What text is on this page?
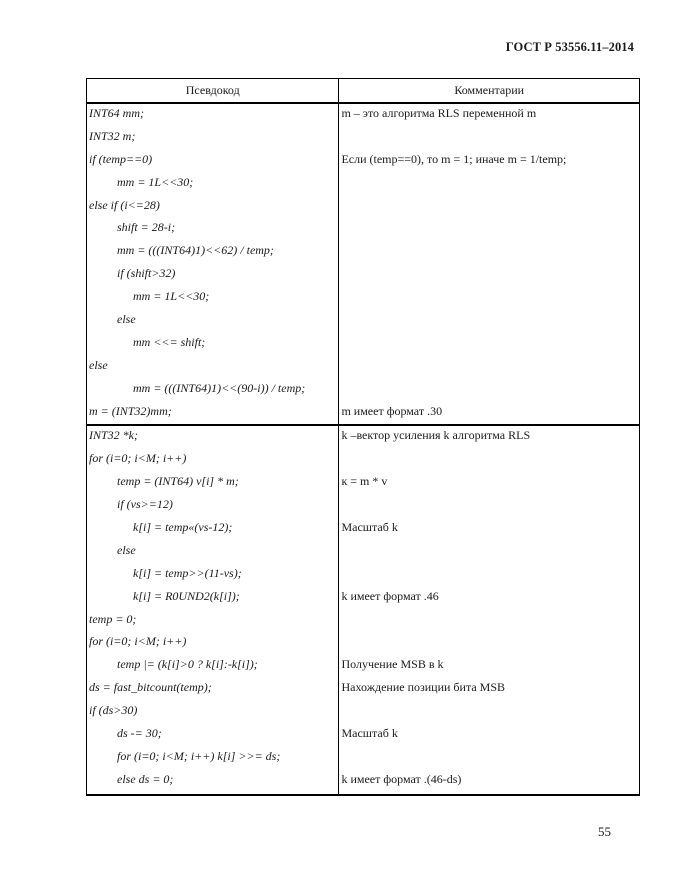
ГОСТ Р 53556.11–2014
Псевдокод	Комментарии
INT64 mm;	m – это алгоритма RLS переменной m
INT32 m;	
if (temp==0)	Если (temp==0), то m = 1; иначе m = 1/temp;
mm = 1L<<30;	
else if (i<=28)	
shift = 28-i;	
mm = (((INT64)1)<<62) / temp;	
if (shift>32)	
mm = 1L<<30;	
else	
mm <<= shift;	
else	
mm = (((INT64)1)<<(90-i)) / temp;	
m = (INT32)mm;	m имеет формат .30
INT32 *k;	k –вектор усиления k алгоритма RLS
for (i=0; i<M; i++)	
temp = (INT64) v[i] * m;	к = m * v
if (vs>=12)	
k[i] = temp«(vs-12);	Масштаб k
else	
k[i] = temp>>(11-vs);	
k[i] = R0UND2(k[i]);	k имеет формат .46
temp = 0;	
for (i=0; i<M; i++)	
temp |= (k[i]>0 ? k[i]:-k[i]);	Получение MSB в k
ds = fast_bitcount(temp);	Нахождение позиции бита MSB
if (ds>30)	
ds -= 30;	Масштаб k
for (i=0; i<M; i++) k[i] >>= ds;	
else ds = 0;	k имеет формат .(46-ds)
55
